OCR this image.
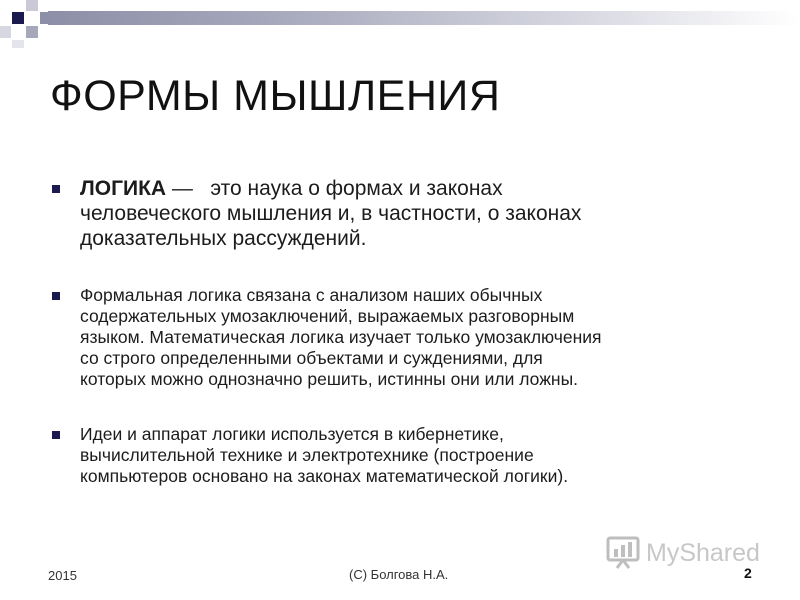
ФОРМЫ МЫШЛЕНИЯ
ЛОГИКА —   это наука о формах и законах
человеческого мышления и, в частности, о законах
доказательных рассуждений.
Формальная логика связана с анализом наших обычных
содержательных умозаключений, выражаемых разговорным
языком. Математическая логика изучает только умозаключения
со строго определенными объектами и суждениями, для
которых можно однозначно решить, истинны они или ложны.
Идеи и аппарат логики используется в кибернетике,
вычислительной технике и электротехнике (построение
компьютеров основано на законах математической логики).
MyShared
2015	(C) Болгова Н.А.	2
